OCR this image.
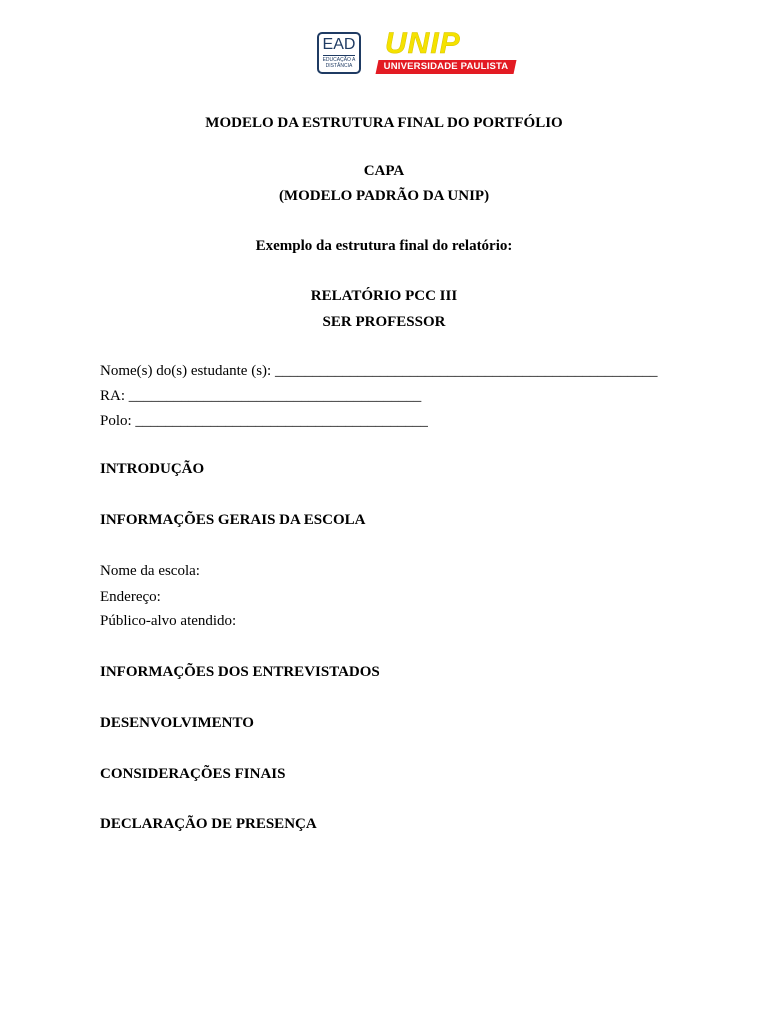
EAD
EDUCAÇÃO A DISTÂNCIA
UNIP
UNIVERSIDADE PAULISTA
MODELO DA ESTRUTURA FINAL DO PORTFÓLIO
CAPA
(MODELO PADRÃO DA UNIP)
Exemplo da estrutura final do relatório:
RELATÓRIO PCC III
SER PROFESSOR
Nome(s) do(s) estudante (s): ___________________________________________________
RA: _______________________________________
Polo: _______________________________________
INTRODUÇÃO
INFORMAÇÕES GERAIS DA ESCOLA
Nome da escola:
Endereço:
Público-alvo atendido:
INFORMAÇÕES DOS ENTREVISTADOS
DESENVOLVIMENTO
CONSIDERAÇÕES FINAIS
DECLARAÇÃO DE PRESENÇA
